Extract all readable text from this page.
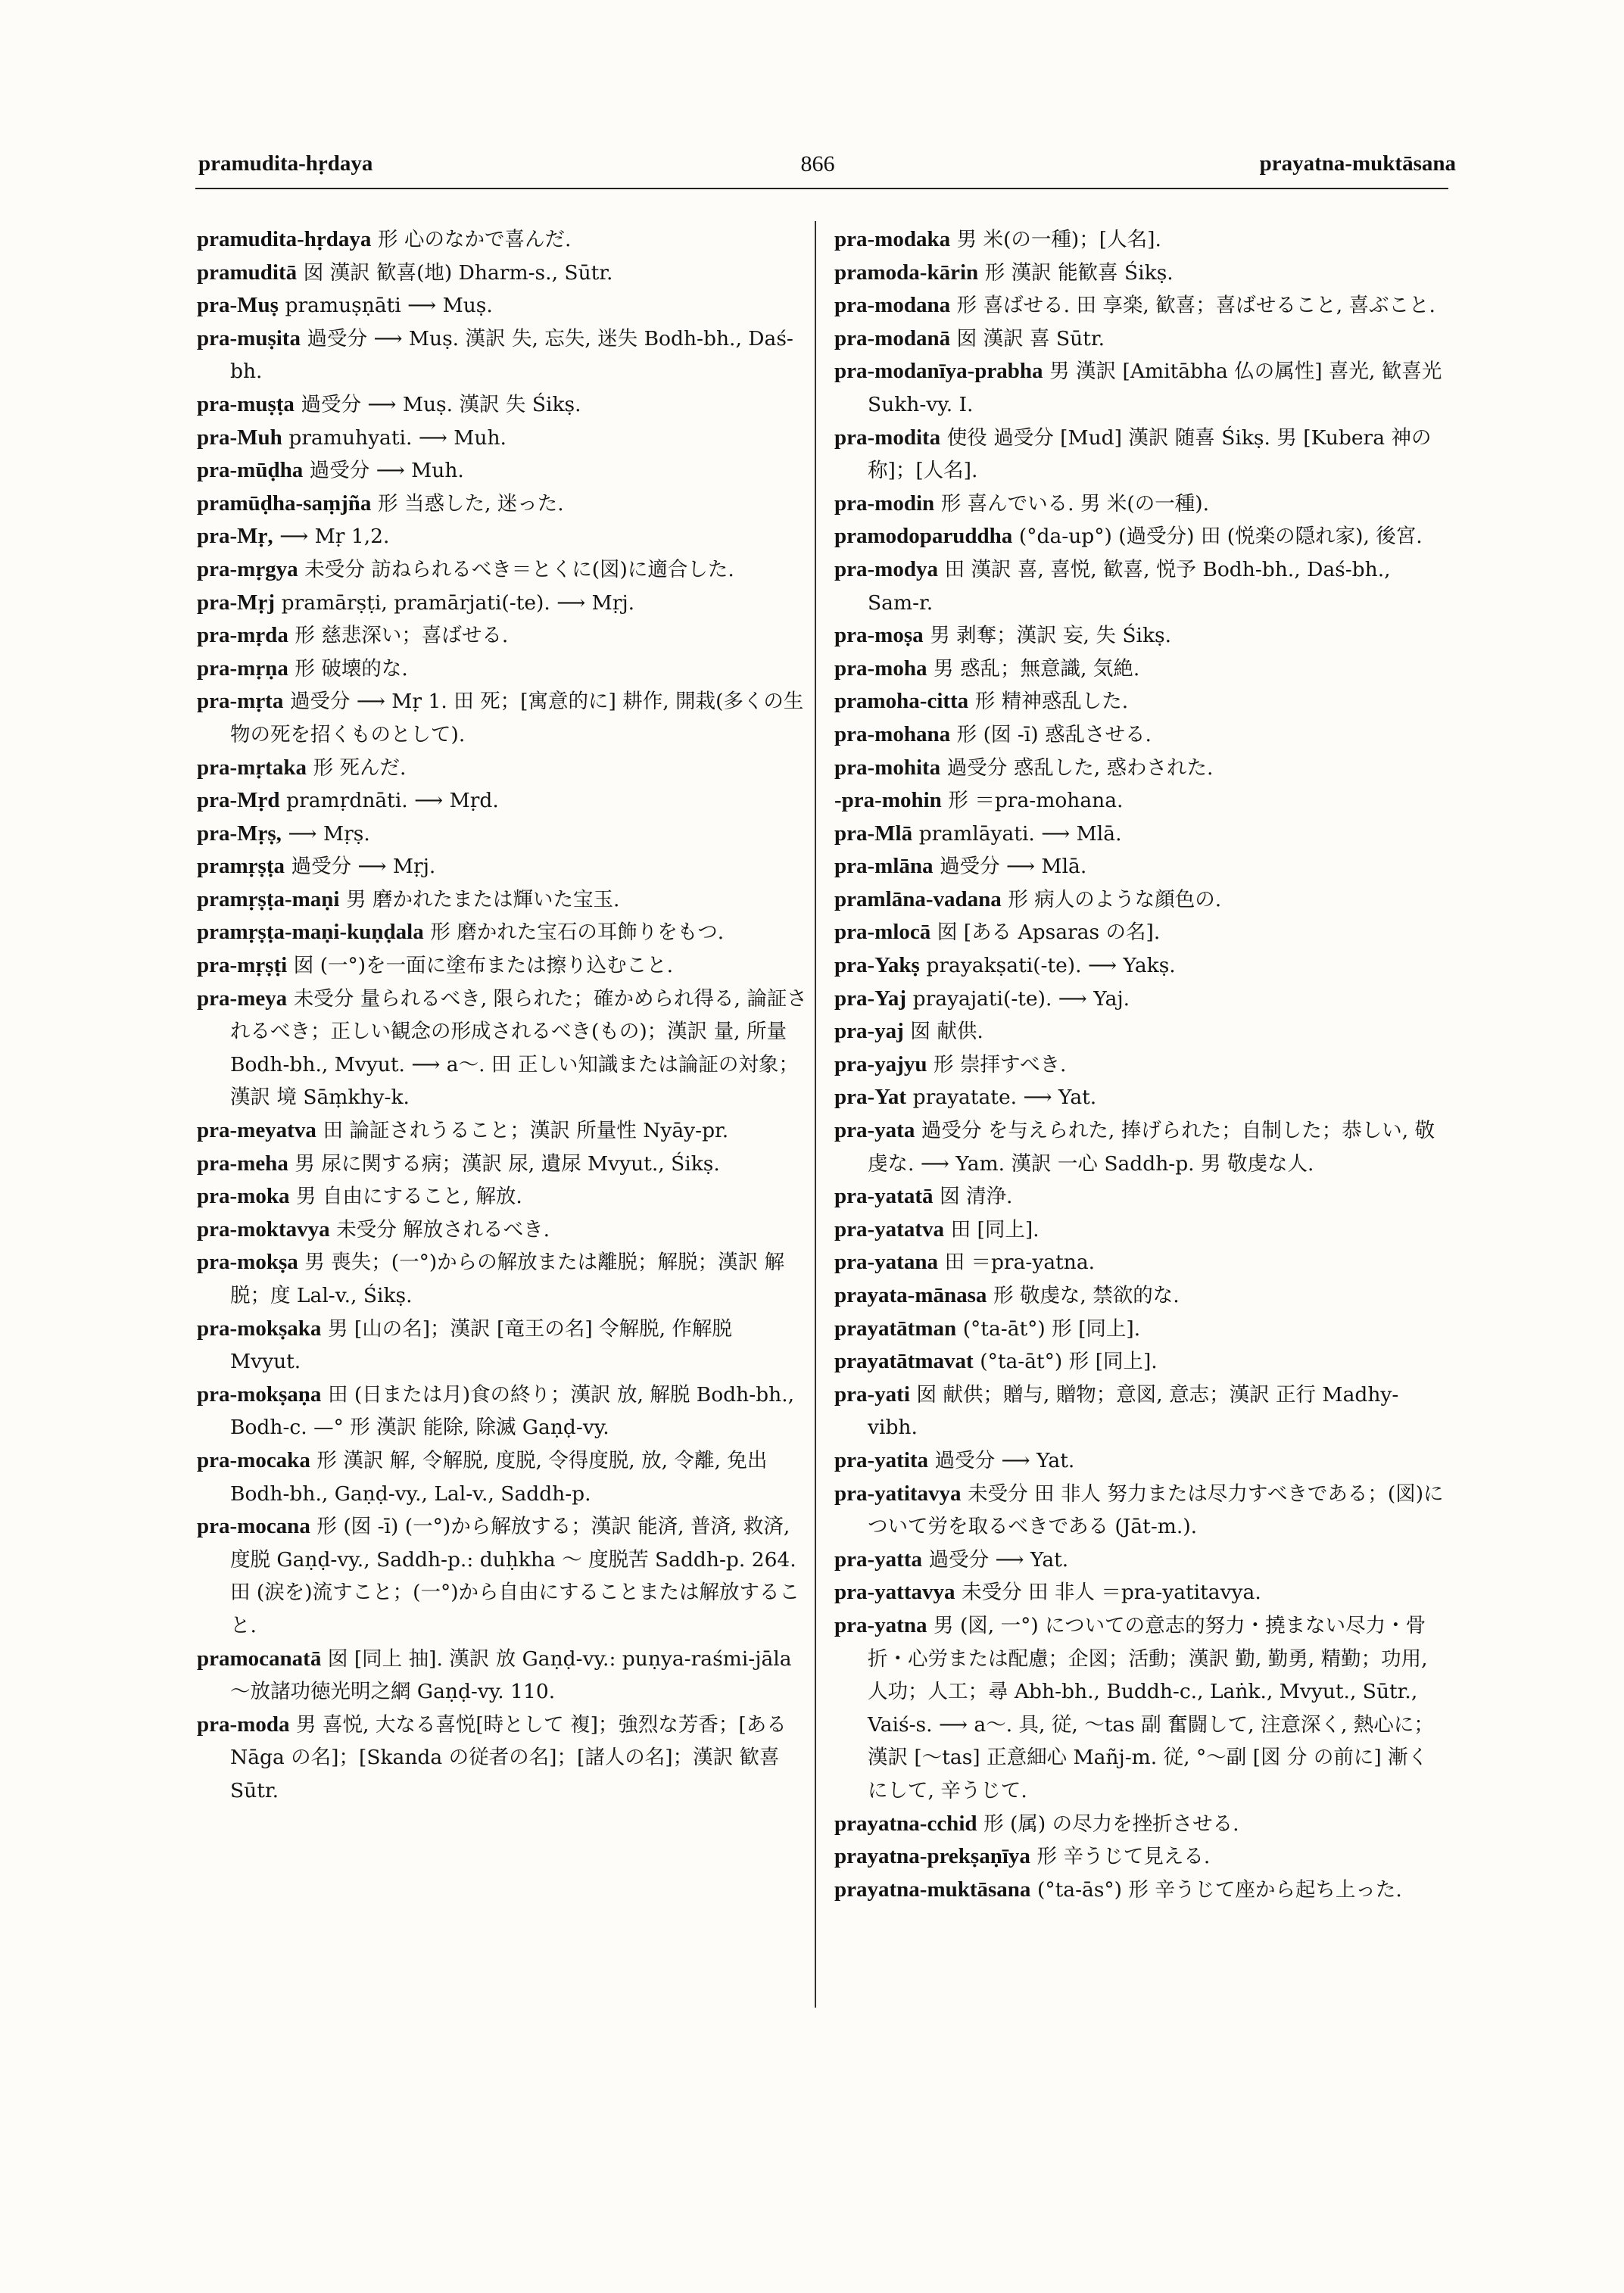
pramudita-hṛdaya	866	prayatna-muktāsana

pramudita-hṛdaya 形 心のなかで喜んだ.

pramuditā 囡 漢訳 歓喜(地) Dharm-s., Sūtr.

pra-Muṣ pramuṣṇāti ⟶ Muṣ.

pra-muṣita 過受分 ⟶ Muṣ. 漢訳 失, 忘失, 迷失 Bodh-bh., Daś-bh.

pra-muṣṭa 過受分 ⟶ Muṣ. 漢訳 失 Śikṣ.

pra-Muh pramuhyati. ⟶ Muh.

pra-mūḍha 過受分 ⟶ Muh.

pramūḍha-saṃjña 形 当惑した, 迷った.

pra-Mṛ, ⟶ Mṛ 1,2.

pra-mṛgya 未受分 訪ねられるべき＝とくに(図)に適合した.

pra-Mṛj pramārṣṭi, pramārjati(-te). ⟶ Mṛj.

pra-mṛda 形 慈悲深い；喜ばせる.

pra-mṛṇa 形 破壊的な.

pra-mṛta 過受分 ⟶ Mṛ 1. 田 死；[寓意的に] 耕作, 開栽(多くの生物の死を招くものとして).

pra-mṛtaka 形 死んだ.

pra-Mṛd pramṛdnāti. ⟶ Mṛd.

pra-Mṛṣ, ⟶ Mṛṣ.

pramṛṣṭa 過受分 ⟶ Mṛj.

pramṛṣṭa-maṇi 男 磨かれたまたは輝いた宝玉.

pramṛṣṭa-maṇi-kuṇḍala 形 磨かれた宝石の耳飾りをもつ.

pra-mṛṣṭi 囡 (一°)を一面に塗布または擦り込むこと.

pra-meya 未受分 量られるべき, 限られた；確かめられ得る, 論証されるべき；正しい観念の形成されるべき(もの)；漢訳 量, 所量 Bodh-bh., Mvyut. ⟶ a〜. 田 正しい知識または論証の対象；漢訳 境 Sāṃkhy-k.

pra-meyatva 田 論証されうること；漢訳 所量性 Nyāy-pr.

pra-meha 男 尿に関する病；漢訳 尿, 遺尿 Mvyut., Śikṣ.

pra-moka 男 自由にすること, 解放.

pra-moktavya 未受分 解放されるべき.

pra-mokṣa 男 喪失；(一°)からの解放または離脱；解脱；漢訳 解脱；度 Lal-v., Śikṣ.

pra-mokṣaka 男 [山の名]；漢訳 [竜王の名] 令解脱, 作解脱 Mvyut.

pra-mokṣaṇa 田 (日または月)食の終り；漢訳 放, 解脱 Bodh-bh., Bodh-c. —° 形 漢訳 能除, 除滅 Gaṇḍ-vy.

pra-mocaka 形 漢訳 解, 令解脱, 度脱, 令得度脱, 放, 令離, 免出 Bodh-bh., Gaṇḍ-vy., Lal-v., Saddh-p.

pra-mocana 形 (囡 -ī) (一°)から解放する；漢訳 能済, 普済, 救済, 度脱 Gaṇḍ-vy., Saddh-p.: duḥkha 〜 度脱苦 Saddh-p. 264. 田 (涙を)流すこと；(一°)から自由にすることまたは解放すること.

pramocanatā 囡 [同上 抽]. 漢訳 放 Gaṇḍ-vy.: puṇya-raśmi-jāla 〜放諸功徳光明之網 Gaṇḍ-vy. 110.

pra-moda 男 喜悦, 大なる喜悦[時として 複]；強烈な芳香；[ある Nāga の名]；[Skanda の従者の名]；[諸人の名]；漢訳 歓喜 Sūtr.

pra-modaka 男 米(の一種)；[人名].

pramoda-kārin 形 漢訳 能歓喜 Śikṣ.

pra-modana 形 喜ばせる. 田 享楽, 歓喜；喜ばせること, 喜ぶこと.

pra-modanā 囡 漢訳 喜 Sūtr.

pra-modanīya-prabha 男 漢訳 [Amitābha 仏の属性] 喜光, 歓喜光 Sukh-vy. I.

pra-modita 使役 過受分 [Mud] 漢訳 随喜 Śikṣ. 男 [Kubera 神の称]；[人名].

pra-modin 形 喜んでいる. 男 米(の一種).

pramodoparuddha (°da-up°) (過受分) 田 (悦楽の隠れ家), 後宮.

pra-modya 田 漢訳 喜, 喜悦, 歓喜, 悦予 Bodh-bh., Daś-bh., Sam-r.

pra-moṣa 男 剥奪；漢訳 妄, 失 Śikṣ.

pra-moha 男 惑乱；無意識, 気絶.

pramoha-citta 形 精神惑乱した.

pra-mohana 形 (囡 -ī) 惑乱させる.

pra-mohita 過受分 惑乱した, 惑わされた.

-pra-mohin 形 ＝pra-mohana.

pra-Mlā pramlāyati. ⟶ Mlā.

pra-mlāna 過受分 ⟶ Mlā.

pramlāna-vadana 形 病人のような顔色の.

pra-mlocā 囡 [ある Apsaras の名].

pra-Yakṣ prayakṣati(-te). ⟶ Yakṣ.

pra-Yaj prayajati(-te). ⟶ Yaj.

pra-yaj 囡 献供.

pra-yajyu 形 崇拝すべき.

pra-Yat prayatate. ⟶ Yat.

pra-yata 過受分 を与えられた, 捧げられた；自制した；恭しい, 敬虔な. ⟶ Yam. 漢訳 一心 Saddh-p. 男 敬虔な人.

pra-yatatā 囡 清浄.

pra-yatatva 田 [同上].

pra-yatana 田 ＝pra-yatna.

prayata-mānasa 形 敬虔な, 禁欲的な.

prayatātman (°ta-āt°) 形 [同上].

prayatātmavat (°ta-āt°) 形 [同上].

pra-yati 囡 献供；贈与, 贈物；意図, 意志；漢訳 正行 Madhy-vibh.

pra-yatita 過受分 ⟶ Yat.

pra-yatitavya 未受分 田 非人 努力または尽力すべきである；(図)について労を取るべきである (Jāt-m.).

pra-yatta 過受分 ⟶ Yat.

pra-yattavya 未受分 田 非人 ＝pra-yatitavya.

pra-yatna 男 (図, 一°) についての意志的努力・撓まない尽力・骨折・心労または配慮；企図；活動；漢訳 勤, 勤勇, 精勤；功用, 人功；人工；尋 Abh-bh., Buddh-c., Laṅk., Mvyut., Sūtr., Vaiś-s. ⟶ a〜. 具, 従, 〜tas 副 奮闘して, 注意深く, 熱心に；漢訳 [〜tas] 正意細心 Mañj-m. 従, °〜副 [図 分 の前に] 漸くにして, 辛うじて.

prayatna-cchid 形 (属) の尽力を挫折させる.

prayatna-prekṣaṇīya 形 辛うじて見える.

prayatna-muktāsana (°ta-ās°) 形 辛うじて座から起ち上った.
